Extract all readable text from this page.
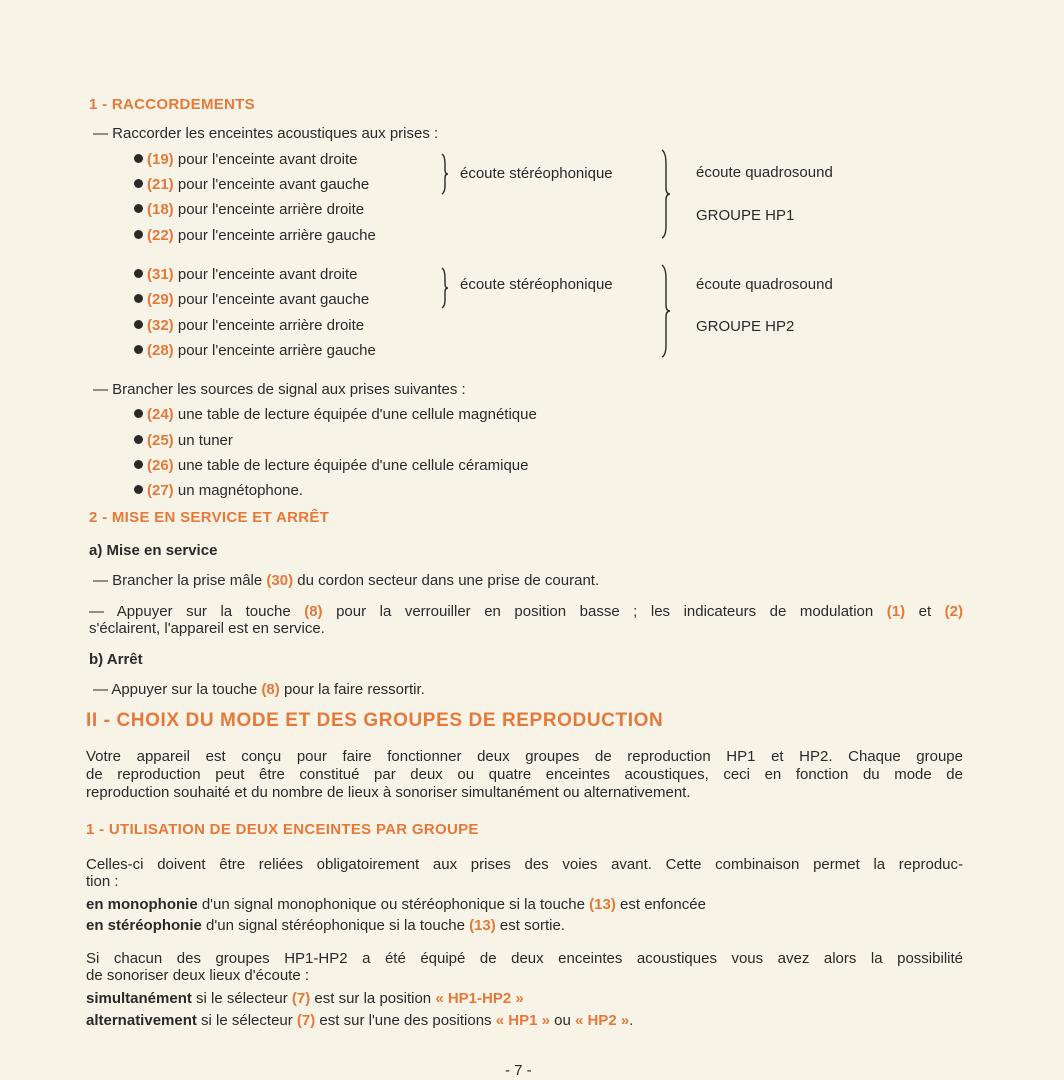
1 - RACCORDEMENTS
— Raccorder les enceintes acoustiques aux prises :
(19) pour l'enceinte avant droite
(21) pour l'enceinte avant gauche
(18) pour l'enceinte arrière droite
(22) pour l'enceinte arrière gauche
écoute stéréophonique	écoute quadrosound
GROUPE HP1
(31) pour l'enceinte avant droite
(29) pour l'enceinte avant gauche
(32) pour l'enceinte arrière droite
(28) pour l'enceinte arrière gauche
écoute stéréophonique	écoute quadrosound
GROUPE HP2
— Brancher les sources de signal aux prises suivantes :
(24) une table de lecture équipée d'une cellule magnétique
(25) un tuner
(26) une table de lecture équipée d'une cellule céramique
(27) un magnétophone.
2 - MISE EN SERVICE ET ARRÊT
a) Mise en service
— Brancher la prise mâle (30) du cordon secteur dans une prise de courant.
— Appuyer sur la touche (8) pour la verrouiller en position basse ; les indicateurs de modulation (1) et (2)
s'éclairent, l'appareil est en service.
b) Arrêt
— Appuyer sur la touche (8) pour la faire ressortir.
II - CHOIX DU MODE ET DES GROUPES DE REPRODUCTION
Votre appareil est conçu pour faire fonctionner deux groupes de reproduction HP1 et HP2. Chaque groupe
de reproduction peut être constitué par deux ou quatre enceintes acoustiques, ceci en fonction du mode de
reproduction souhaité et du nombre de lieux à sonoriser simultanément ou alternativement.
1 - UTILISATION DE DEUX ENCEINTES PAR GROUPE
Celles-ci doivent être reliées obligatoirement aux prises des voies avant. Cette combinaison permet la reproduc-
tion :
en monophonie d'un signal monophonique ou stéréophonique si la touche (13) est enfoncée
en stéréophonie d'un signal stéréophonique si la touche (13) est sortie.
Si chacun des groupes HP1-HP2 a été équipé de deux enceintes acoustiques vous avez alors la possibilité
de sonoriser deux lieux d'écoute :
simultanément si le sélecteur (7) est sur la position « HP1-HP2 »
alternativement si le sélecteur (7) est sur l'une des positions « HP1 » ou « HP2 ».
- 7 -
